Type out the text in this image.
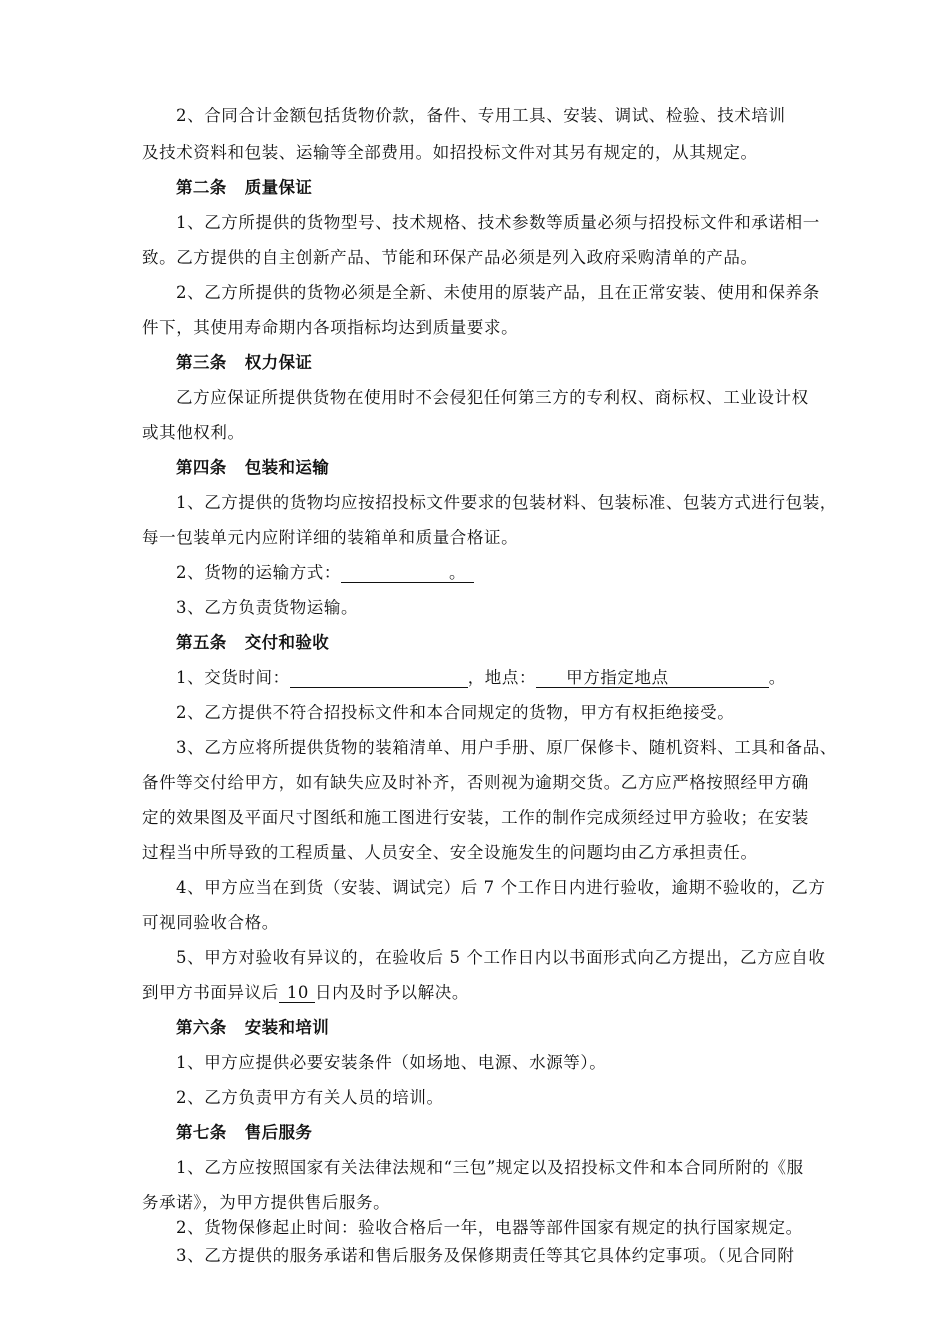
2、合同合计金额包括货物价款，备件、专用工具、安装、调试、检验、技术培训
及技术资料和包装、运输等全部费用。如招投标文件对其另有规定的，从其规定。
第二条 质量保证
1、乙方所提供的货物型号、技术规格、技术参数等质量必须与招投标文件和承诺相一
致。乙方提供的自主创新产品、节能和环保产品必须是列入政府采购清单的产品。
2、乙方所提供的货物必须是全新、未使用的原装产品，且在正常安装、使用和保养条
件下，其使用寿命期内各项指标均达到质量要求。
第三条 权力保证
乙方应保证所提供货物在使用时不会侵犯任何第三方的专利权、商标权、工业设计权
或其他权利。
第四条 包装和运输
1、乙方提供的货物均应按招投标文件要求的包装材料、包装标准、包装方式进行包装，
每一包装单元内应附详细的装箱单和质量合格证。
2、货物的运输方式：	。
3、乙方负责货物运输。
第五条 交付和验收
1、交货时间：	，地点： 甲方指定地点	。
2、乙方提供不符合招投标文件和本合同规定的货物，甲方有权拒绝接受。
3、乙方应将所提供货物的装箱清单、用户手册、原厂保修卡、随机资料、工具和备品、
备件等交付给甲方，如有缺失应及时补齐，否则视为逾期交货。乙方应严格按照经甲方确
定的效果图及平面尺寸图纸和施工图进行安装，工作的制作完成须经过甲方验收；在安装
过程当中所导致的工程质量、人员安全、安全设施发生的问题均由乙方承担责任。
4、甲方应当在到货（安装、调试完）后 7 个工作日内进行验收，逾期不验收的，乙方
可视同验收合格。
5、甲方对验收有异议的，在验收后 5 个工作日内以书面形式向乙方提出，乙方应自收
到甲方书面异议后 10 日内及时予以解决。
第六条 安装和培训
1、甲方应提供必要安装条件（如场地、电源、水源等）。
2、乙方负责甲方有关人员的培训。
第七条 售后服务
1、乙方应按照国家有关法律法规和“三包”规定以及招投标文件和本合同所附的《服
务承诺》，为甲方提供售后服务。
2、货物保修起止时间：验收合格后一年，电器等部件国家有规定的执行国家规定。
3、乙方提供的服务承诺和售后服务及保修期责任等其它具体约定事项。（见合同附
